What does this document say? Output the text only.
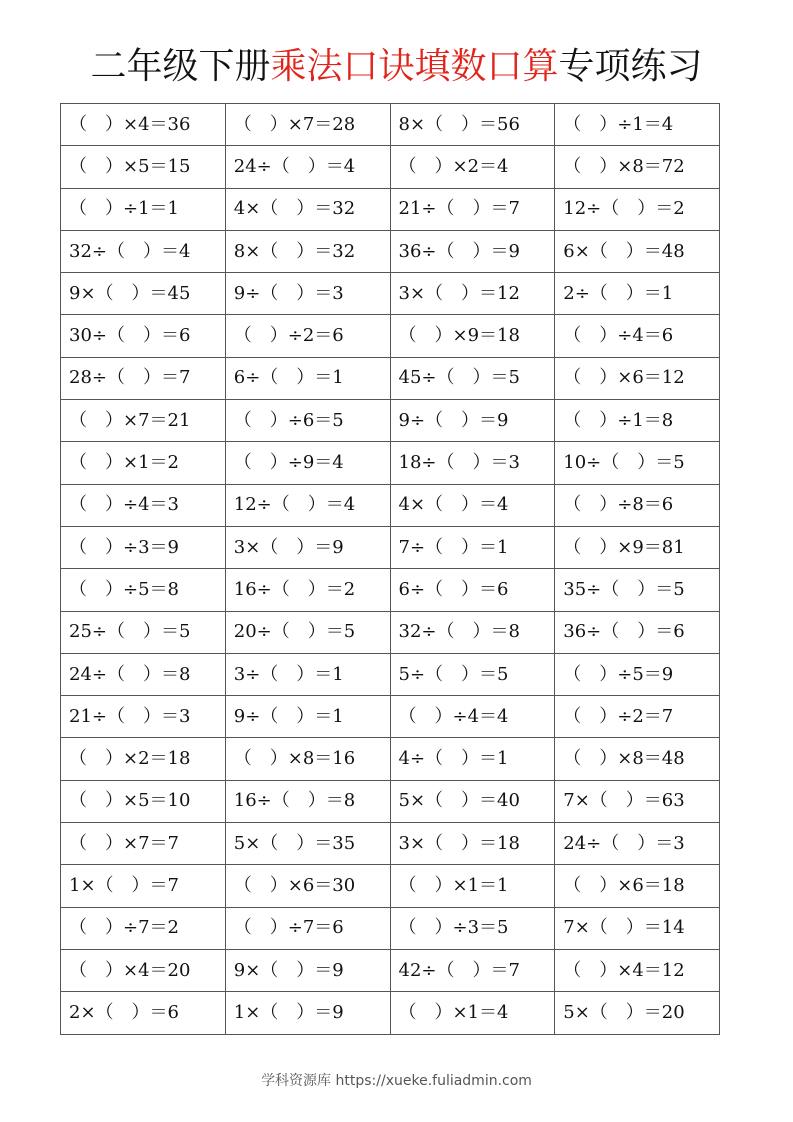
二年级下册乘法口诀填数口算专项练习
（　）×4＝36	（　）×7＝28	8×（　）＝56	（　）÷1＝4
（　）×5＝15	24÷（　）＝4	（　）×2＝4	（　）×8＝72
（　）÷1＝1	4×（　）＝32	21÷（　）＝7	12÷（　）＝2
32÷（　）＝4	8×（　）＝32	36÷（　）＝9	6×（　）＝48
9×（　）＝45	9÷（　）＝3	3×（　）＝12	2÷（　）＝1
30÷（　）＝6	（　）÷2＝6	（　）×9＝18	（　）÷4＝6
28÷（　）＝7	6÷（　）＝1	45÷（　）＝5	（　）×6＝12
（　）×7＝21	（　）÷6＝5	9÷（　）＝9	（　）÷1＝8
（　）×1＝2	（　）÷9＝4	18÷（　）＝3	10÷（　）＝5
（　）÷4＝3	12÷（　）＝4	4×（　）＝4	（　）÷8＝6
（　）÷3＝9	3×（　）＝9	7÷（　）＝1	（　）×9＝81
（　）÷5＝8	16÷（　）＝2	6÷（　）＝6	35÷（　）＝5
25÷（　）＝5	20÷（　）＝5	32÷（　）＝8	36÷（　）＝6
24÷（　）＝8	3÷（　）＝1	5÷（　）＝5	（　）÷5＝9
21÷（　）＝3	9÷（　）＝1	（　）÷4＝4	（　）÷2＝7
（　）×2＝18	（　）×8＝16	4÷（　）＝1	（　）×8＝48
（　）×5＝10	16÷（　）＝8	5×（　）＝40	7×（　）＝63
（　）×7＝7	5×（　）＝35	3×（　）＝18	24÷（　）＝3
1×（　）＝7	（　）×6＝30	（　）×1＝1	（　）×6＝18
（　）÷7＝2	（　）÷7＝6	（　）÷3＝5	7×（　）＝14
（　）×4＝20	9×（　）＝9	42÷（　）＝7	（　）×4＝12
2×（　）＝6	1×（　）＝9	（　）×1＝4	5×（　）＝20
学科资源库 https://xueke.fuliadmin.com
